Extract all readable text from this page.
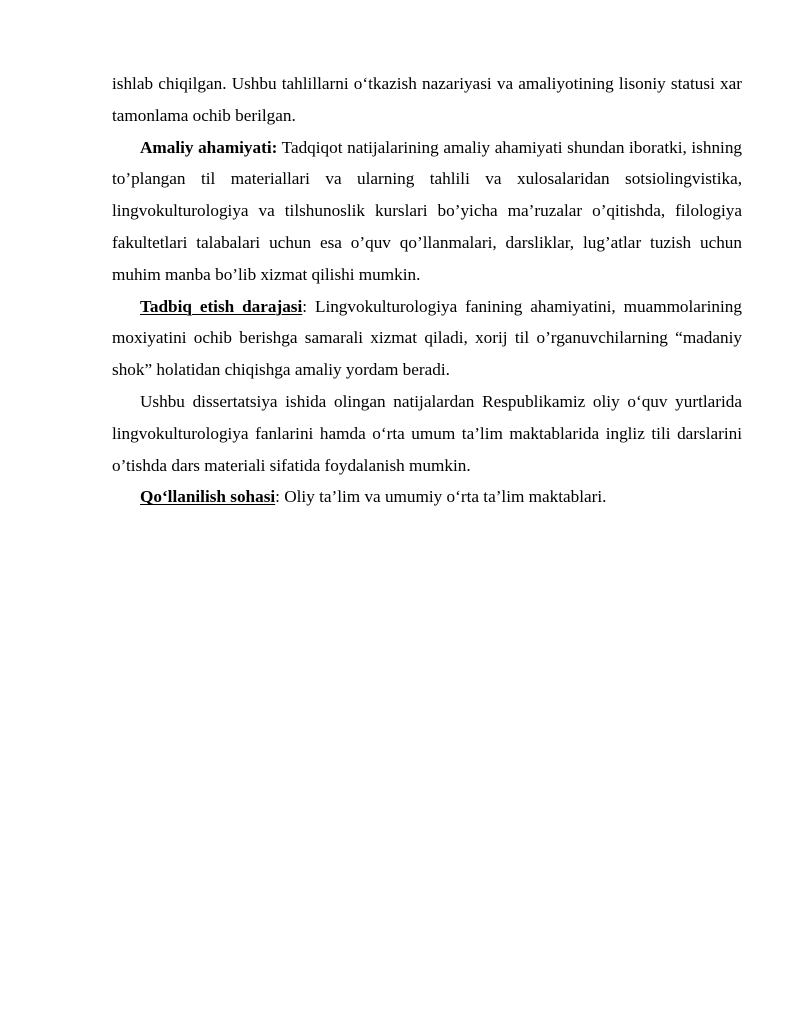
ishlab chiqilgan. Ushbu tahlillarni o‘tkazish nazariyasi va amaliyotining lisoniy statusi xar tamonlama ochib berilgan.

Amaliy ahamiyati: Tadqiqot natijalarining amaliy ahamiyati shundan iboratki, ishning to’plangan til materiallari va ularning tahlili va xulosalaridan sotsiolingvistika, lingvokulturologiya va tilshunoslik kurslari bo’yicha ma’ruzalar o’qitishda, filologiya fakultetlari talabalari uchun esa o’quv qo’llanmalari, darsliklar, lug’atlar tuzish uchun muhim manba bo’lib xizmat qilishi mumkin.

Tadbiq etish darajasi: Lingvokulturologiya fanining ahamiyatini, muammolarining moxiyatini ochib berishga samarali xizmat qiladi, xorij til o’rganuvchilarning “madaniy shok” holatidan chiqishga amaliy yordam beradi.

Ushbu dissertatsiya ishida olingan natijalardan Respublikamiz oliy o‘quv yurtlarida lingvokulturologiya fanlarini hamda o‘rta umum ta’lim maktablarida ingliz tili darslarini o’tishda dars materiali sifatida foydalanish mumkin.

Qo‘llanilish sohasi: Oliy ta’lim va umumiy o‘rta ta’lim maktablari.
